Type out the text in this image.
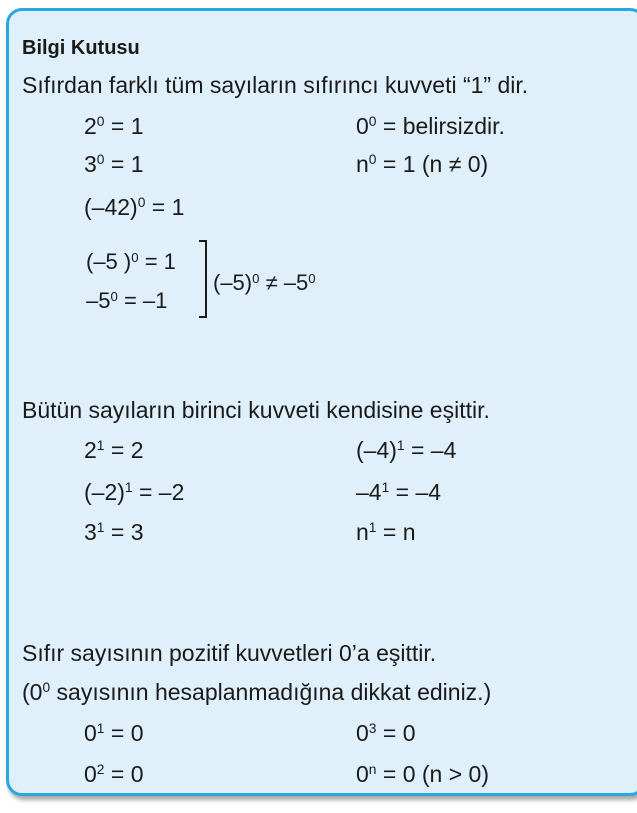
Bilgi Kutusu
Sıfırdan farklı tüm sayıların sıfırıncı kuvveti “1” dir.
$2^0 = 1$
$3^0 = 1$
$(-42)^0 = 1$
$0^0$ = belirsizdir.
$n^0 = 1$ (n ≠ 0)
(–5 )$^0$ = 1
$-5^0 = -1$
$(-5)^0 \ne -5^0$
Bütün sayıların birinci kuvveti kendisine eşittir.
$2^1 = 2$
$(-2)^1 = -2$
$3^1 = 3$
$(-4)^1 = -4$
$-4^1 = -4$
$n^1 = n$
Sıfır sayısının pozitif kuvvetleri 0’a eşittir.
($0^0$ sayısının hesaplanmadığına dikkat ediniz.)
$0^1 = 0$
$0^2 = 0$
$0^3 = 0$
$0^n = 0$ (n > 0)
